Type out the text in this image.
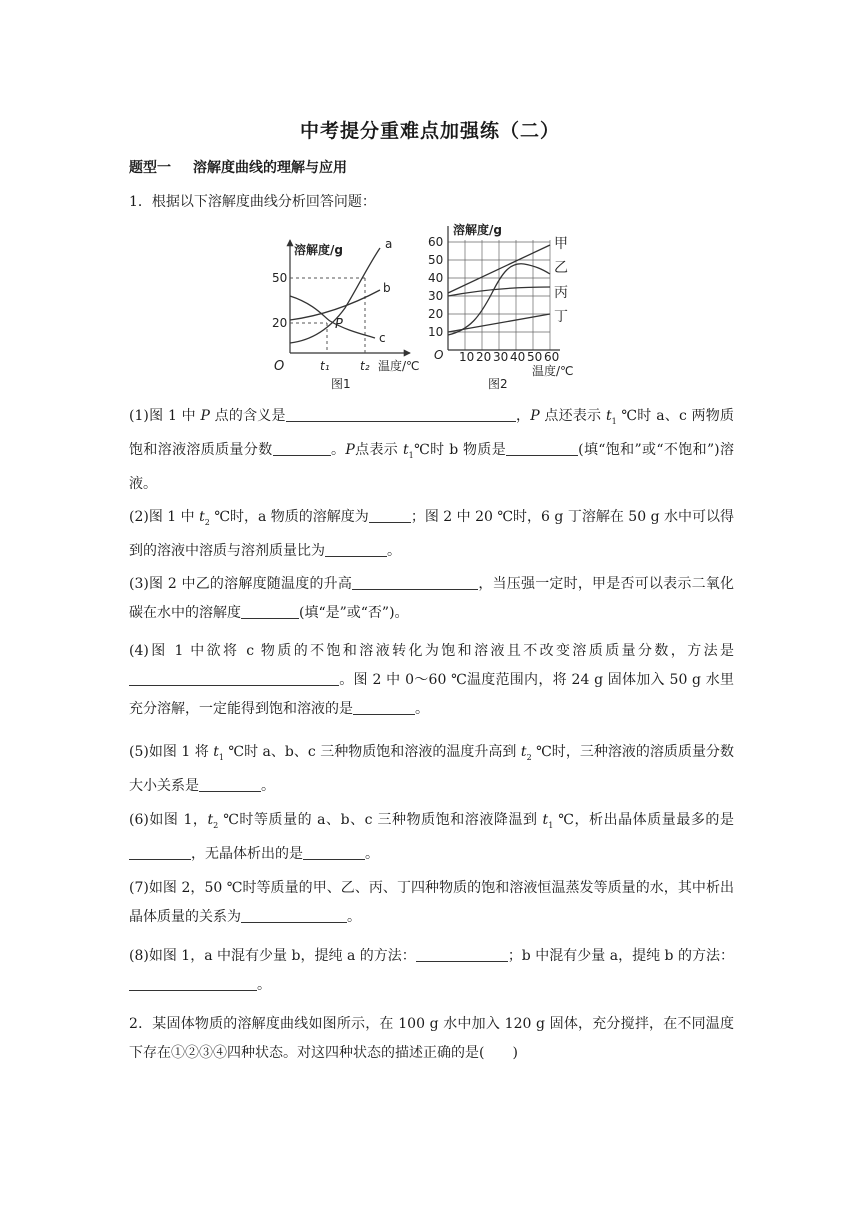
中考提分重难点加强练（二）
题型一 溶解度曲线的理解与应用
1．根据以下溶解度曲线分析回答问题：
溶解度/g
温度/℃
O
50
20
t₁	t₂
a
b
c
P
图1
溶解度/g
60
50
40
30
20
10
O 10 20 30 40 50 60
温度/℃
甲
乙
丙
丁
图2
(1)图 1 中 P 点的含义是	，P 点还表示 $t_1$ ℃时 a、c 两物质饱和溶液溶质质量分数	。P点表示 $t_1℃$时 b 物质是	(填“饱和”或“不饱和”)溶液。
(2)图 1 中 $t_2$ ℃时，a 物质的溶解度为	；图 2 中 20 ℃时，6 g 丁溶解在 50 g 水中可以得到的溶液中溶质与溶剂质量比为	。
(3)图 2 中乙的溶解度随温度的升高	，当压强一定时，甲是否可以表示二氧化碳在水中的溶解度	(填“是”或“否”)。
(4)图 1 中欲将 c 物质的不饱和溶液转化为饱和溶液且不改变溶质质量分数，方法是。图 2 中 0～60 ℃温度范围内，将 24 g 固体加入 50 g 水里充分溶解，一定能得到饱和溶液的是	。
(5)如图 1 将 $t_1$ ℃时 a、b、c 三种物质饱和溶液的温度升高到 $t_2$ ℃时，三种溶液的溶质质量分数大小关系是	。
(6)如图 1，$t_2$ ℃时等质量的 a、b、c 三种物质饱和溶液降温到 $t_1$ ℃，析出晶体质量最多的是，无晶体析出的是	。
(7)如图 2，50 ℃时等质量的甲、乙、丙、丁四种物质的饱和溶液恒温蒸发等质量的水，其中析出晶体质量的关系为	。
(8)如图 1，a 中混有少量 b，提纯 a 的方法：	；b 中混有少量 a，提纯 b 的方法：。
2．某固体物质的溶解度曲线如图所示，在 100 g 水中加入 120 g 固体，充分搅拌，在不同温度下存在①②③④四种状态。对这四种状态的描述正确的是(　　)
